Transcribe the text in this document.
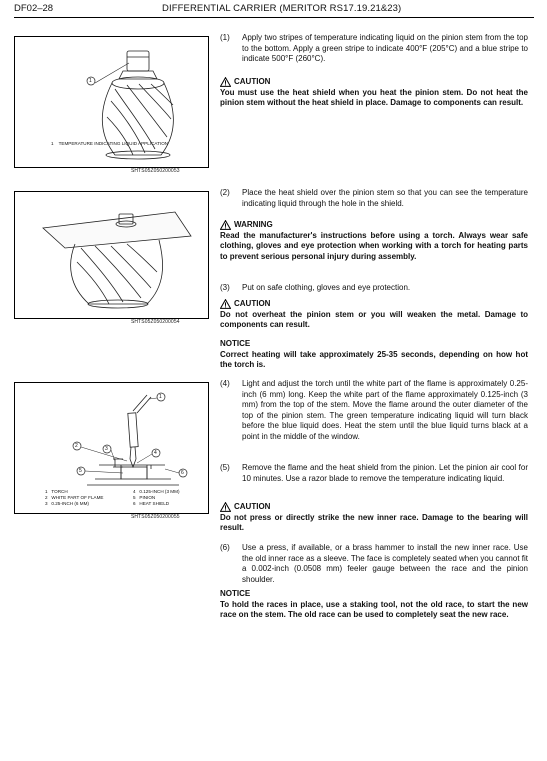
DF02–28	DIFFERENTIAL CARRIER (MERITOR RS17.19.21&23)
1
1 TEMPERATURE INDICATING LIQUID APPLICATION
SHTS05Z050200053
SHTS05Z050200054
1
2	3
4
5	6
1 TORCH
2 WHITE PART OF FLAME
3 0.25-INCH (6 MM)
4 0.125-INCH (3 MM)
5 PINION
6 HEAT SHIELD
SHTS05Z050200055
(1) Apply two stripes of temperature indicating liquid on the pinion stem from the top to the bottom. Apply a green stripe to indicate 400°F (205°C) and a blue stripe to indicate 500°F (260°C).
CAUTION
You must use the heat shield when you heat the pinion stem. Do not heat the pinion stem without the heat shield in place. Damage to components can result.
(2) Place the heat shield over the pinion stem so that you can see the temperature indicating liquid through the hole in the shield.
WARNING
Read the manufacturer's instructions before using a torch. Always wear safe clothing, gloves and eye protection when working with a torch for heating parts to prevent serious personal injury during assembly.
(3) Put on safe clothing, gloves and eye protection.
CAUTION
Do not overheat the pinion stem or you will weaken the metal. Damage to components can result.
NOTICE
Correct heating will take approximately 25-35 seconds, depending on how hot the torch is.
(4) Light and adjust the torch until the white part of the flame is approximately 0.25-inch (6 mm) long. Keep the white part of the flame approximately 0.125-inch (3 mm) from the top of the stem. Move the flame around the outer diameter of the top of the pinion stem. The green temperature indicating liquid will turn black before the blue liquid does. Heat the stem until the blue liquid turns black at a point in the middle of the window.
(5) Remove the flame and the heat shield from the pinion. Let the pinion air cool for 10 minutes. Use a razor blade to remove the temperature indicating liquid.
CAUTION
Do not press or directly strike the new inner race. Damage to the bearing will result.
(6) Use a press, if available, or a brass hammer to install the new inner race. Use the old inner race as a sleeve. The face is completely seated when you cannot fit a 0.002-inch (0.0508 mm) feeler gauge between the race and the pinion shoulder.
NOTICE
To hold the races in place, use a staking tool, not the old race, to start the new race on the stem. The old race can be used to completely seat the new race.
